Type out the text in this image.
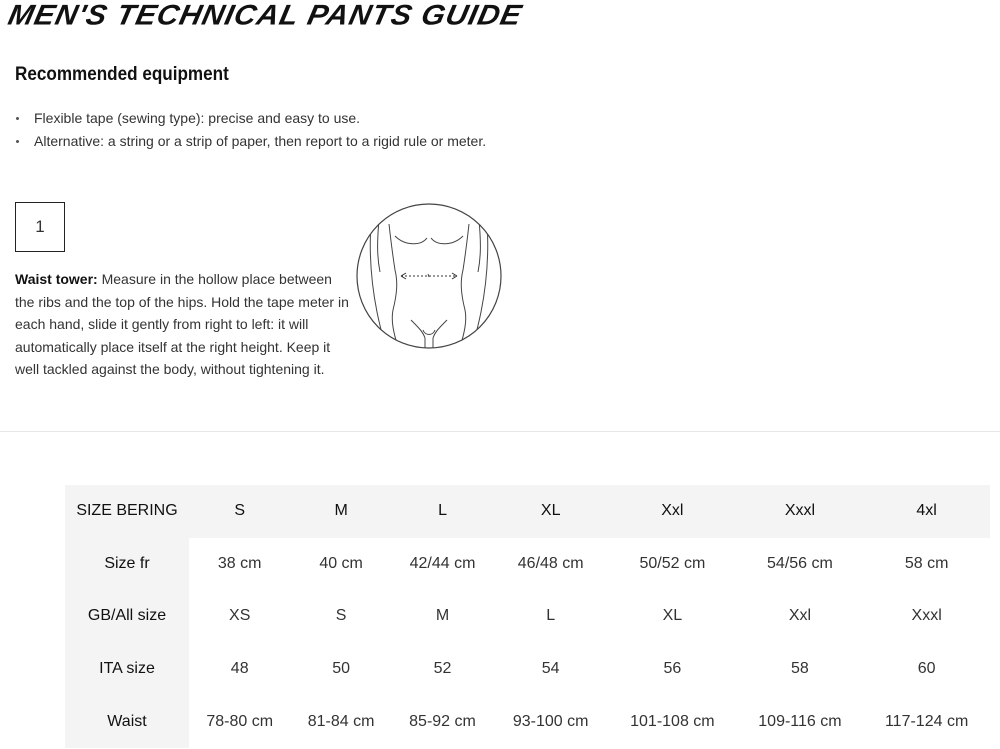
MEN'S TECHNICAL PANTS GUIDE
Recommended equipment
Flexible tape (sewing type): precise and easy to use.
Alternative: a string or a strip of paper, then report to a rigid rule or meter.
1
Waist tower: Measure in the hollow place between the ribs and the top of the hips. Hold the tape meter in each hand, slide it gently from right to left: it will automatically place itself at the right height. Keep it well tackled against the body, without tightening it.
SIZE BERING	S	M	L	XL	Xxl	Xxxl	4xl
Size fr	38 cm	40 cm	42/44 cm	46/48 cm	50/52 cm	54/56 cm	58 cm
GB/All size	XS	S	M	L	XL	Xxl	Xxxl
ITA size	48	50	52	54	56	58	60
Waist	78-80 cm	81-84 cm	85-92 cm	93-100 cm	101-108 cm	109-116 cm	117-124 cm
